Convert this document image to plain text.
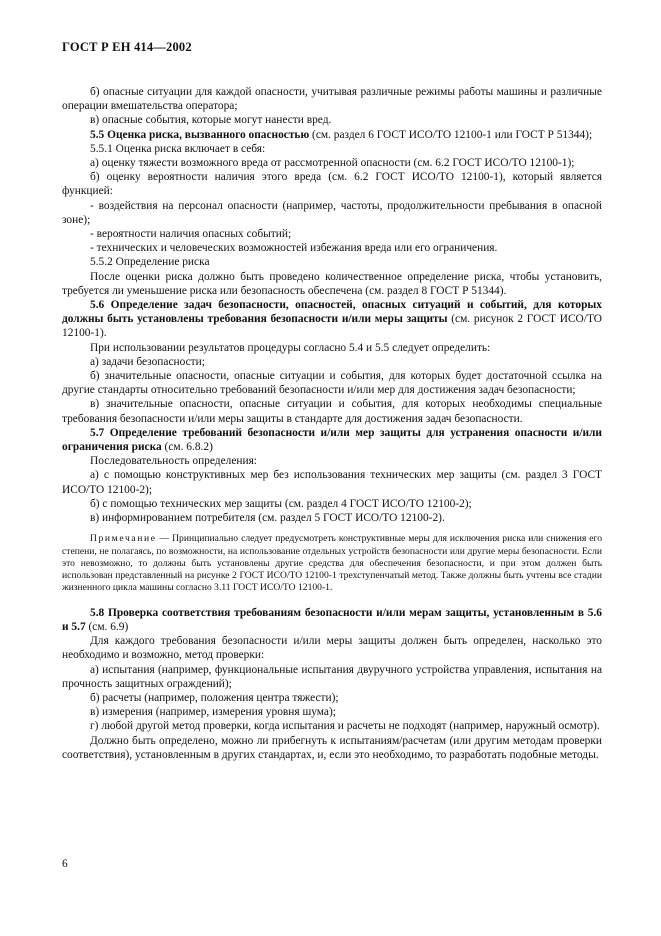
ГОСТ Р ЕН 414—2002

б) опасные ситуации для каждой опасности, учитывая различные режимы работы машины и различные операции вмешательства оператора;

в) опасные события, которые могут нанести вред.

5.5 Оценка риска, вызванного опасностью (см. раздел 6 ГОСТ ИСО/ТО 12100-1 или ГОСТ Р 51344);

5.5.1 Оценка риска включает в себя:

а) оценку тяжести возможного вреда от рассмотренной опасности (см. 6.2 ГОСТ ИСО/ТО 12100-1);

б) оценку вероятности наличия этого вреда (см. 6.2 ГОСТ ИСО/ТО 12100-1), который является функцией:

- воздействия на персонал опасности (например, частоты, продолжительности пребывания в опасной зоне);

- вероятности наличия опасных событий;

- технических и человеческих возможностей избежания вреда или его ограничения.

5.5.2 Определение риска

После оценки риска должно быть проведено количественное определение риска, чтобы установить, требуется ли уменьшение риска или безопасность обеспечена (см. раздел 8 ГОСТ Р 51344).

5.6 Определение задач безопасности, опасностей, опасных ситуаций и событий, для которых должны быть установлены требования безопасности и/или меры защиты (см. рисунок 2 ГОСТ ИСО/ТО 12100-1).

При использовании результатов процедуры согласно 5.4 и 5.5 следует определить:

а) задачи безопасности;

б) значительные опасности, опасные ситуации и события, для которых будет достаточной ссылка на другие стандарты относительно требований безопасности и/или мер для достижения задач безопасности;

в) значительные опасности, опасные ситуации и события, для которых необходимы специальные требования безопасности и/или меры защиты в стандарте для достижения задач безопасности.

5.7 Определение требований безопасности и/или мер защиты для устранения опасности и/или ограничения риска (см. 6.8.2)

Последовательность определения:

а) с помощью конструктивных мер без использования технических мер защиты (см. раздел 3 ГОСТ ИСО/ТО 12100-2);

б) с помощью технических мер защиты (см. раздел 4 ГОСТ ИСО/ТО 12100-2);

в) информированием потребителя (см. раздел 5 ГОСТ ИСО/ТО 12100-2).

Примечание — Принципиально следует предусмотреть конструктивные меры для исключения риска или снижения его степени, не полагаясь, по возможности, на использование отдельных устройств безопасности или другие меры безопасности. Если это невозможно, то должны быть установлены другие средства для обеспечения безопасности, и при этом должен быть использован представленный на рисунке 2 ГОСТ ИСО/ТО 12100-1 трехступенчатый метод. Также должны быть учтены все стадии жизненного цикла машины согласно 3.11 ГОСТ ИСО/ТО 12100-1.

5.8 Проверка соответствия требованиям безопасности и/или мерам защиты, установленным в 5.6 и 5.7 (см. 6.9)

Для каждого требования безопасности и/или меры защиты должен быть определен, насколько это необходимо и возможно, метод проверки:

а) испытания (например, функциональные испытания двуручного устройства управления, испытания на прочность защитных ограждений);

б) расчеты (например, положения центра тяжести);

в) измерения (например, измерения уровня шума);

г) любой другой метод проверки, когда испытания и расчеты не подходят (например, наружный осмотр).

Должно быть определено, можно ли прибегнуть к испытаниям/расчетам (или другим методам проверки соответствия), установленным в других стандартах, и, если это необходимо, то разработать подобные методы.

6
